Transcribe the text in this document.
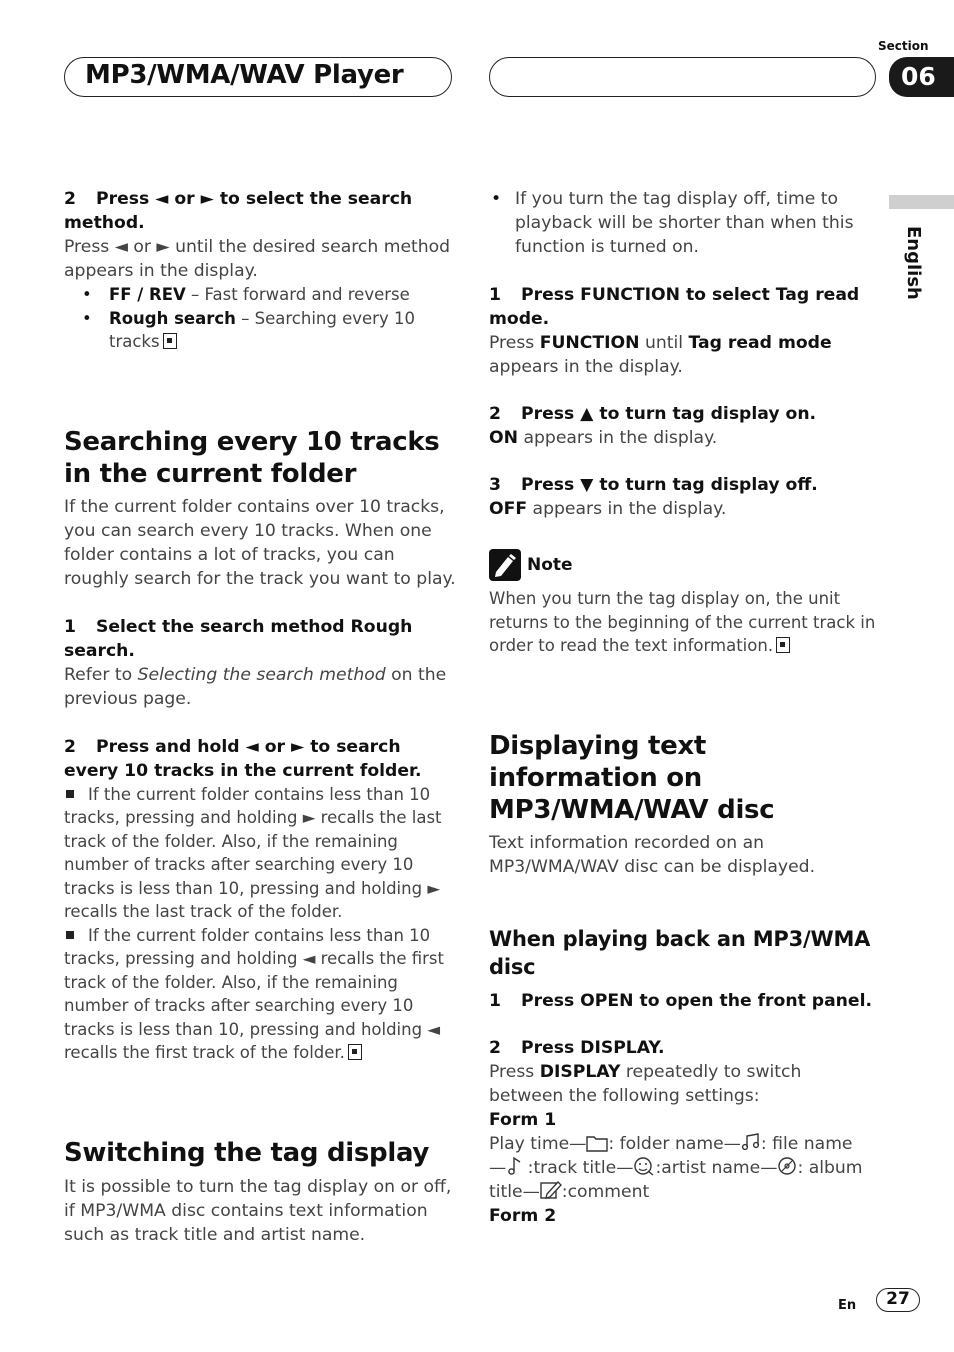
MP3/WMA/WAV Player
Section
06
English
2 Press ◄ or ► to select the search method.
Press ◄ or ► until the desired search method appears in the display.
• FF / REV – Fast forward and reverse
• Rough search – Searching every 10 tracks
Searching every 10 tracks in the current folder
If the current folder contains over 10 tracks, you can search every 10 tracks. When one folder contains a lot of tracks, you can roughly search for the track you want to play.
1 Select the search method Rough search.
Refer to Selecting the search method on the previous page.
2 Press and hold ◄ or ► to search every 10 tracks in the current folder.
If the current folder contains less than 10 tracks, pressing and holding ► recalls the last track of the folder. Also, if the remaining number of tracks after searching every 10 tracks is less than 10, pressing and holding ► recalls the last track of the folder.
If the current folder contains less than 10 tracks, pressing and holding ◄ recalls the first track of the folder. Also, if the remaining number of tracks after searching every 10 tracks is less than 10, pressing and holding ◄ recalls the first track of the folder.
Switching the tag display
It is possible to turn the tag display on or off, if MP3/WMA disc contains text information such as track title and artist name.
• If you turn the tag display off, time to playback will be shorter than when this function is turned on.
1 Press FUNCTION to select Tag read mode.
Press FUNCTION until Tag read mode appears in the display.
2 Press ▲ to turn tag display on.
ON appears in the display.
3 Press ▼ to turn tag display off.
OFF appears in the display.
Note
When you turn the tag display on, the unit returns to the beginning of the current track in order to read the text information.
Displaying text information on MP3/WMA/WAV disc
Text information recorded on an MP3/WMA/WAV disc can be displayed.
When playing back an MP3/WMA disc
1 Press OPEN to open the front panel.
2 Press DISPLAY.
Press DISPLAY repeatedly to switch between the following settings:
Form 1
Play time— : folder name— : file name
— :track title— :artist name— : album title— :comment
Form 2
En	27
